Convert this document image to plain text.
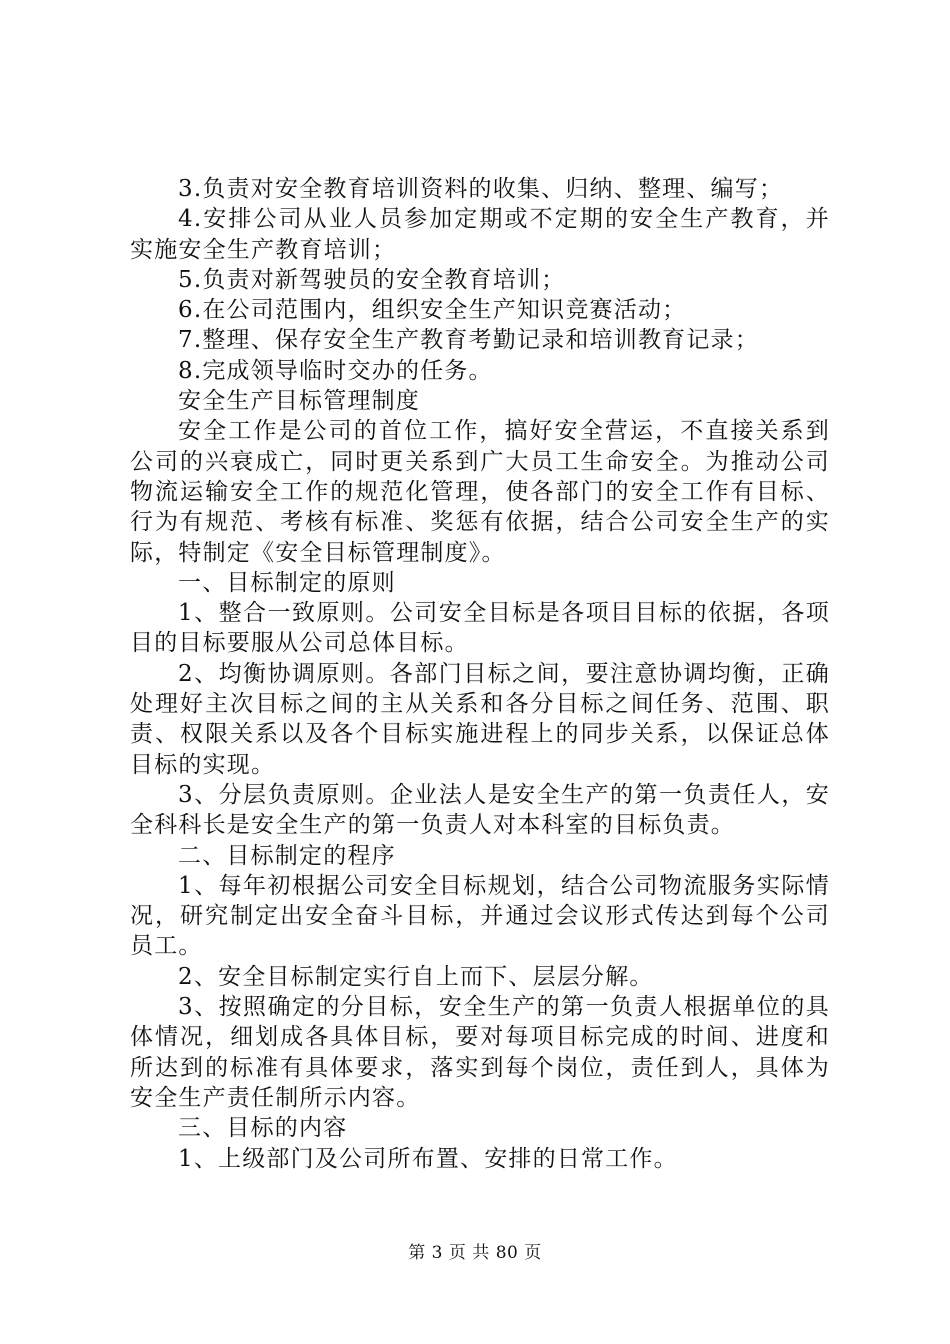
3.负责对安全教育培训资料的收集、归纳、整理、编写；

4.安排公司从业人员参加定期或不定期的安全生产教育，并实施安全生产教育培训；

5.负责对新驾驶员的安全教育培训；

6.在公司范围内，组织安全生产知识竞赛活动；

7.整理、保存安全生产教育考勤记录和培训教育记录；

8.完成领导临时交办的任务。

安全生产目标管理制度

安全工作是公司的首位工作，搞好安全营运，不直接关系到公司的兴衰成亡，同时更关系到广大员工生命安全。为推动公司物流运输安全工作的规范化管理，使各部门的安全工作有目标、行为有规范、考核有标准、奖惩有依据，结合公司安全生产的实际，特制定《安全目标管理制度》。

一、目标制定的原则

1、整合一致原则。公司安全目标是各项目目标的依据，各项目的目标要服从公司总体目标。

2、均衡协调原则。各部门目标之间，要注意协调均衡，正确处理好主次目标之间的主从关系和各分目标之间任务、范围、职责、权限关系以及各个目标实施进程上的同步关系，以保证总体目标的实现。

3、分层负责原则。企业法人是安全生产的第一负责任人，安全科科长是安全生产的第一负责人对本科室的目标负责。

二、目标制定的程序

1、每年初根据公司安全目标规划，结合公司物流服务实际情况，研究制定出安全奋斗目标，并通过会议形式传达到每个公司员工。

2、安全目标制定实行自上而下、层层分解。

3、按照确定的分目标，安全生产的第一负责人根据单位的具体情况，细划成各具体目标，要对每项目标完成的时间、进度和所达到的标准有具体要求，落实到每个岗位，责任到人，具体为安全生产责任制所示内容。

三、目标的内容

1、上级部门及公司所布置、安排的日常工作。

第 3 页 共 80 页
